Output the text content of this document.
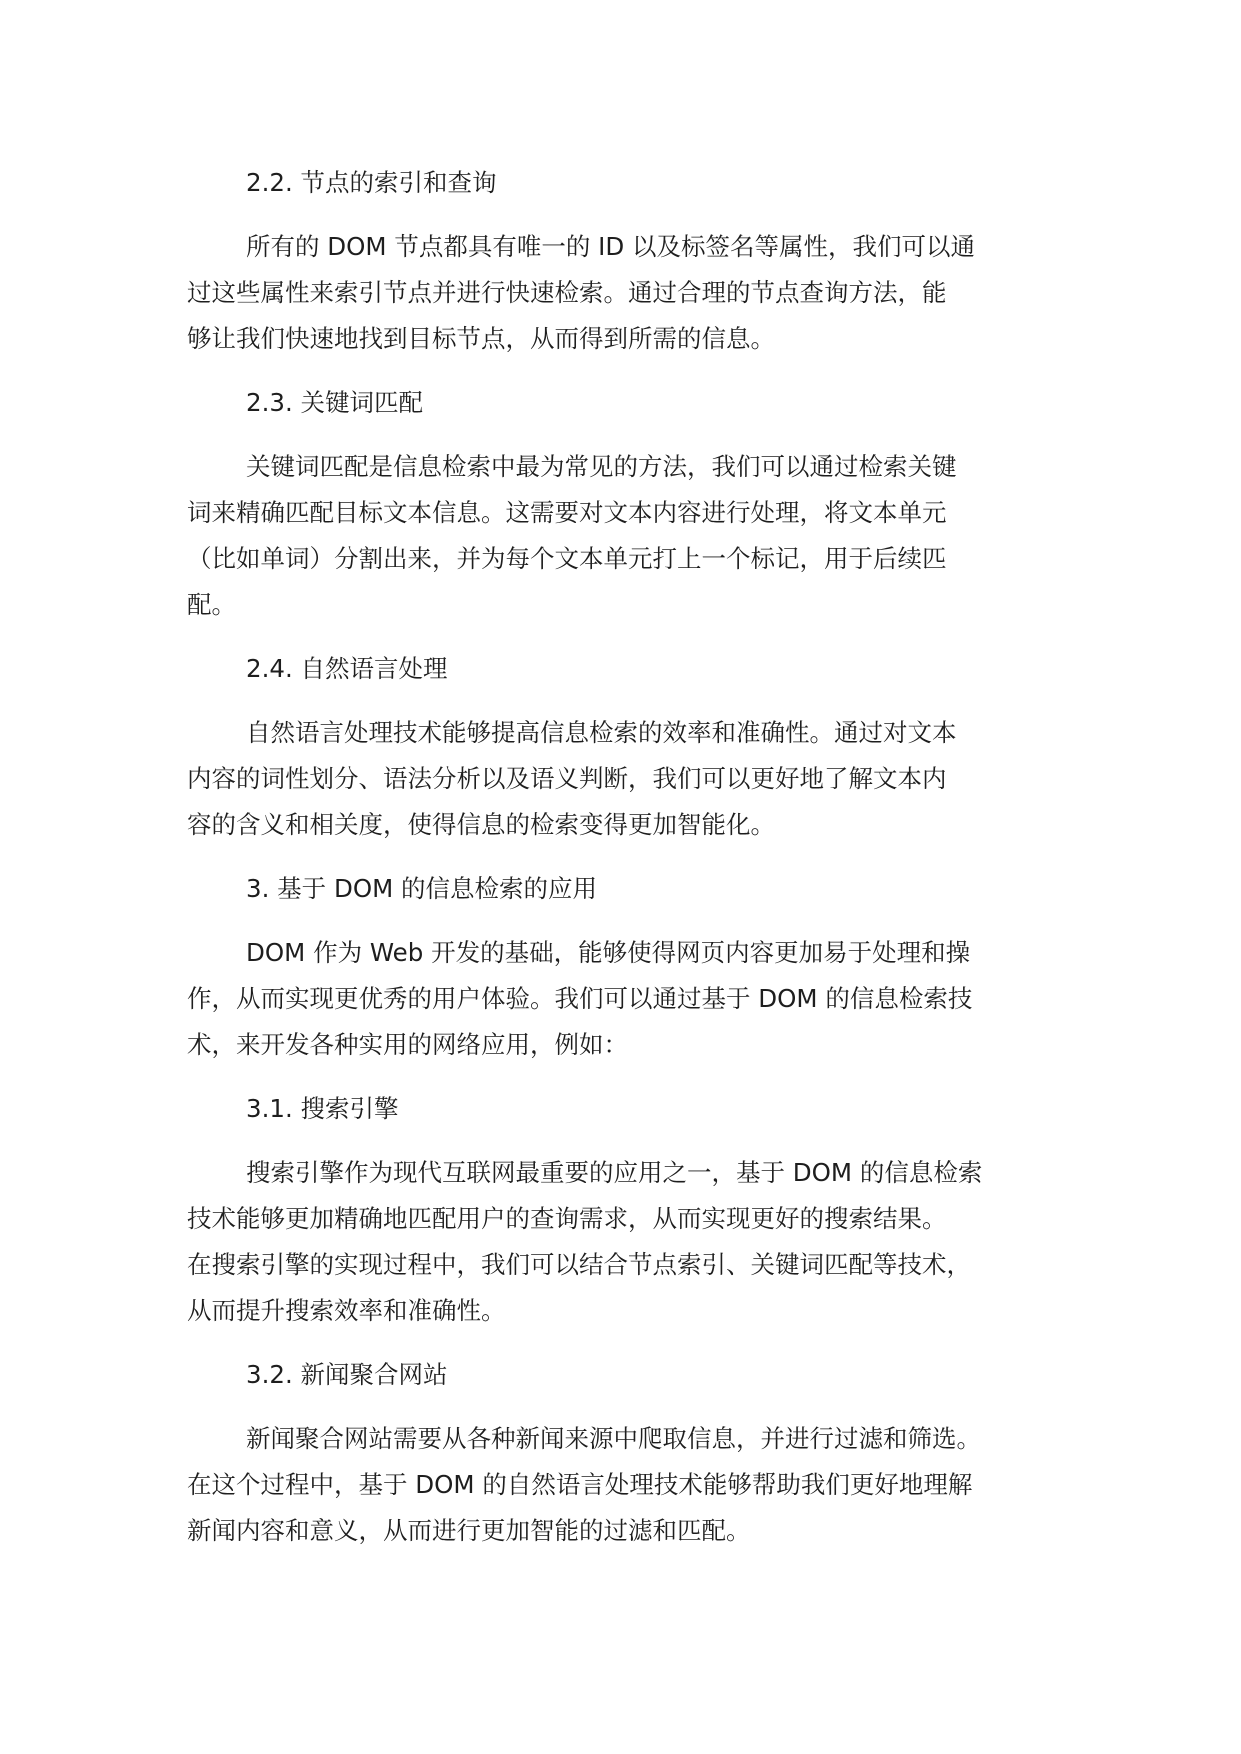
2.2. 节点的索引和查询

所有的 DOM 节点都具有唯一的 ID 以及标签名等属性，我们可以通
过这些属性来索引节点并进行快速检索。通过合理的节点查询方法，能
够让我们快速地找到目标节点，从而得到所需的信息。

2.3. 关键词匹配

关键词匹配是信息检索中最为常见的方法，我们可以通过检索关键
词来精确匹配目标文本信息。这需要对文本内容进行处理，将文本单元
（比如单词）分割出来，并为每个文本单元打上一个标记，用于后续匹
配。

2.4. 自然语言处理

自然语言处理技术能够提高信息检索的效率和准确性。通过对文本
内容的词性划分、语法分析以及语义判断，我们可以更好地了解文本内
容的含义和相关度，使得信息的检索变得更加智能化。

3. 基于 DOM 的信息检索的应用

DOM 作为 Web 开发的基础，能够使得网页内容更加易于处理和操
作，从而实现更优秀的用户体验。我们可以通过基于 DOM 的信息检索技
术，来开发各种实用的网络应用，例如：

3.1. 搜索引擎

搜索引擎作为现代互联网最重要的应用之一，基于 DOM 的信息检索
技术能够更加精确地匹配用户的查询需求，从而实现更好的搜索结果。
在搜索引擎的实现过程中，我们可以结合节点索引、关键词匹配等技术，
从而提升搜索效率和准确性。

3.2. 新闻聚合网站

新闻聚合网站需要从各种新闻来源中爬取信息，并进行过滤和筛选。
在这个过程中，基于 DOM 的自然语言处理技术能够帮助我们更好地理解
新闻内容和意义，从而进行更加智能的过滤和匹配。
